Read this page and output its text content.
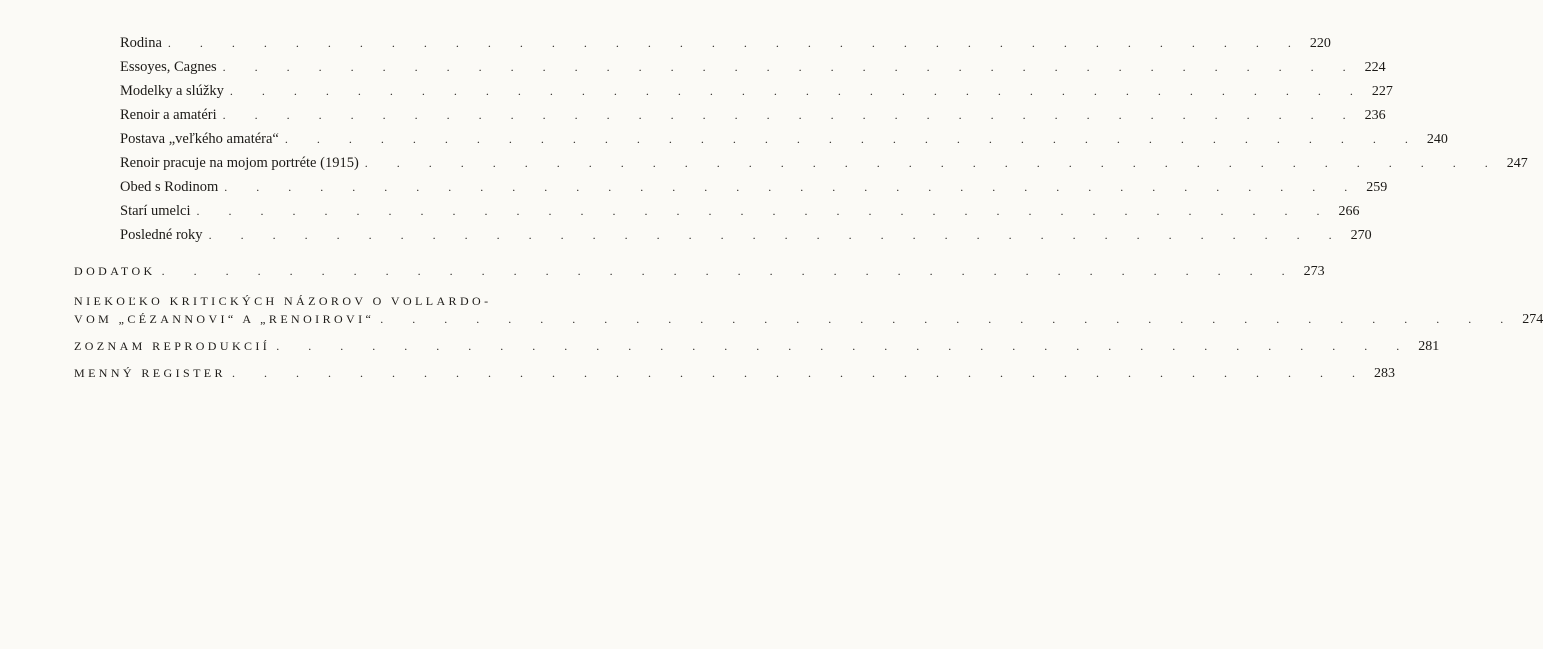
Rodina . . . . . . . . . . . . . . . . . . . . . . . . . . . . . . . . . . . . 220
Essoyes, Cagnes . . . . . . . . . . . . . . . . . . . . . . . . . . . . . . . . . . . . 224
Modelky a slúžky . . . . . . . . . . . . . . . . . . . . . . . . . . . . . . . . . . . . 227
Renoir a amatéri . . . . . . . . . . . . . . . . . . . . . . . . . . . . . . . . . . . . 236
Postava „veľkého amatéra“ . . . . . . . . . . . . . . . . . . . . . . . . . . . . . . . . . . . . 240
Renoir pracuje na mojom portréte (1915) . . . . . . . . . . . . . . . . . . . . . . . . . . . . . . . . . . . . 247
Obed s Rodinom . . . . . . . . . . . . . . . . . . . . . . . . . . . . . . . . . . . . 259
Starí umelci . . . . . . . . . . . . . . . . . . . . . . . . . . . . . . . . . . . . 266
Posledné roky . . . . . . . . . . . . . . . . . . . . . . . . . . . . . . . . . . . . 270
DODATOK . . . . . . . . . . . . . . . . . . . . . . . . . . . . . . . . . . . . 273
NIEKOĽKO KRITICKÝCH NÁZOROV O VOLLARDO-
VOM „CÉZANNOVI“ A „RENOIROVI“ . . . . . . . . . . . . . . . . . . . . . . . . . . . . . . . . . . . . 274
ZOZNAM REPRODUKCIÍ . . . . . . . . . . . . . . . . . . . . . . . . . . . . . . . . . . . . 281
MENNÝ REGISTER . . . . . . . . . . . . . . . . . . . . . . . . . . . . . . . . . . . . 283
